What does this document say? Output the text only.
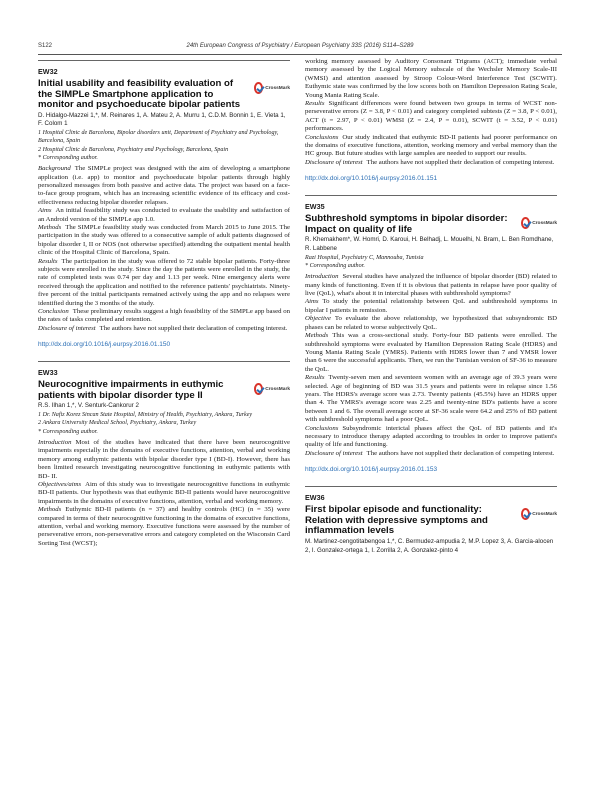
S122	24th European Congress of Psychiatry / European Psychiatry 33S (2016) S114–S289
EW32
Initial usability and feasibility evaluation of the SIMPLe Smartphone application to monitor and psychoeducate bipolar patients
CrossMark
D. Hidalgo-Mazzei 1,*, M. Reinares 1, A. Mateu 2, A. Murru 1, C.D.M. Bonnin 1, E. Vieta 1, F. Colom 1
1 Hospital Clinic de Barcelona, Bipolar disorders unit, Department of Psychiatry and Psychology, Barcelona, Spain
2 Hospital Clinic de Barcelona, Psychiatry and Psychology, Barcelona, Spain
* Corresponding author.
Background The SIMPLe project was designed with the aim of developing a smartphone application (i.e. app) to monitor and psychoeducate bipolar patients through highly personalized messages from both passive and active data. The project was based on a face-to-face group program, which has an increasing scientific evidence of its efficacy and cost-effectiveness reducing bipolar disorder relapses.
Aims An initial feasibility study was conducted to evaluate the usability and satisfaction of an Android version of the SIMPLe app 1.0.
Methods The SIMPLe feasibility study was conducted from March 2015 to June 2015. The participation in the study was offered to a consecutive sample of adult patients diagnosed of bipolar disorder I, II or NOS (not otherwise specified) attending the outpatient mental health clinic of the Hospital Clinic of Barcelona, Spain.
Results The participation in the study was offered to 72 stable bipolar patients. Forty-three subjects were enrolled in the study. Since the day the patients were enrolled in the study, the rate of completed tests was 0.74 per day and 1.13 per week. Nine emergency alerts were received through the application and notified to the reference patients' psychiatrists. Ninety-five percent of the initial participants remained actively using the app and no relapses were identified during the 3 months of the study.
Conclusion These preliminary results suggest a high feasibility of the SIMPLe app based on the rates of tasks completed and retention.
Disclosure of interest The authors have not supplied their declaration of competing interest.
http://dx.doi.org/10.1016/j.eurpsy.2016.01.150
EW33
Neurocognitive impairments in euthymic patients with bipolar disorder type II
CrossMark
R.S. Ilhan 1,*, V. Senturk-Cankorur 2
1 Dr. Nafiz Korez Sincan State Hospital, Ministry of Health, Psychiatry, Ankara, Turkey
2 Ankara University Medical School, Psychiatry, Ankara, Turkey
* Corresponding author.
Introduction Most of the studies have indicated that there have been neurocognitive impairments especially in the domains of executive functions, attention, verbal and working memory among euthymic patients with bipolar disorder type I (BD-I). However, there has been limited research investigating neurocognitive functioning in euthymic patients with BD- II.
Objectives/aims Aim of this study was to investigate neurocognitive functions in euthymic BD-II patients. Our hypothesis was that euthymic BD-II patients would have neurocognitive impairments in the domains of executive functions, attention, verbal and working memory.
Methods Euthymic BD-II patients (n = 37) and healthy controls (HC) (n = 35) were compared in terms of their neurocognitive functioning in the domains of executive functions, attention, verbal and working memory. Executive functions were assessed by the number of perseverative errors, non-perseverative errors and category completed on the Wisconsin Card Sorting Test (WCST);
working memory assessed by Auditory Consonant Trigrams (ACT); immediate verbal memory assessed by the Logical Memory subscale of the Wechsler Memory Scale-III (WMSI) and attention assessed by Stroop Colour-Word Interference Test (SCWIT). Euthymic state was confirmed by the low scores both on Hamilton Depression Rating Scale, Young Mania Rating Scale.
Results Significant differences were found between two groups in terms of WCST non-perseverative errors (Z = 3.8, P < 0.01) and category completed subtests (Z = 3.8, P < 0.01), ACT (t = 2.97, P < 0.01) WMSI (Z = 2.4, P = 0.01), SCWIT (t = 3.52, P < 0.01) performances.
Conclusions Our study indicated that euthymic BD-II patients had poorer performance on the domains of executive functions, attention, working memory and verbal memory than the HC group. But future studies with large samples are needed to support our results.
Disclosure of interest The authors have not supplied their declaration of competing interest.
http://dx.doi.org/10.1016/j.eurpsy.2016.01.151
EW35
Subthreshold symptoms in bipolar disorder: Impact on quality of life
CrossMark
R. Khemakhem*, W. Homri, D. Karoui, H. Belhadj, L. Mouelhi, N. Bram, L. Ben Romdhane, R. Labbene
Razi Hospital, Psychiatry C, Mannouba, Tunisia
* Corresponding author.
Introduction Several studies have analyzed the influence of bipolar disorder (BD) related to many kinds of functioning. Even if it is obvious that patients in relapse have poor quality of live (QoL), what's about it in intercital phases with subthreshold symptoms?
Aims To study the potential relationship between QoL and subthreshold symptoms in bipolar I patients in remission.
Objective To evaluate the above relationship, we hypothesized that subsyndromic BD phases can be related to worse subjectively QoL.
Methods This was a cross-sectional study. Forty-four BD patients were enrolled. The subthreshold symptoms were evaluated by Hamilton Depression Rating Scale (HDRS) and Young Mania Rating Scale (YMRS). Patients with HDRS lower than 7 and YMSR lower than 6 were the successful applicants. Then, we run the Tunisian version of SF-36 to measure the QoL.
Results Twenty-seven men and seventeen women with an average age of 39.3 years were selected. Age of beginning of BD was 31.5 years and patients were in relapse since 1.56 years. The HDRS's average score was 2.73. Twenty patients (45.5%) have an HDRS upper than 4. The YMRS's average score was 2.25 and twenty-nine BD's patients have a score between 1 and 6. The overall average score at SF-36 scale were 64.2 and 25% of BD patient with subthreshold symptoms had a poor QoL.
Conclusions Subsyndromic interictal phases affect the QoL of BD patients and it's necessary to introduce therapy adapted according to troubles in order to improve patient's quality of life and functioning.
Disclosure of interest The authors have not supplied their declaration of competing interest.
http://dx.doi.org/10.1016/j.eurpsy.2016.01.153
EW36
First bipolar episode and functionality: Relation with depressive symptoms and inflammation levels
CrossMark
M. Martinez-cengotitabengoa 1,*, C. Bermudez-ampudia 2, M.P. Lopez 3, A. Garcia-alocen 2, I. Gonzalez-ortega 1, I. Zorrilla 2, A. Gonzalez-pinto 4
